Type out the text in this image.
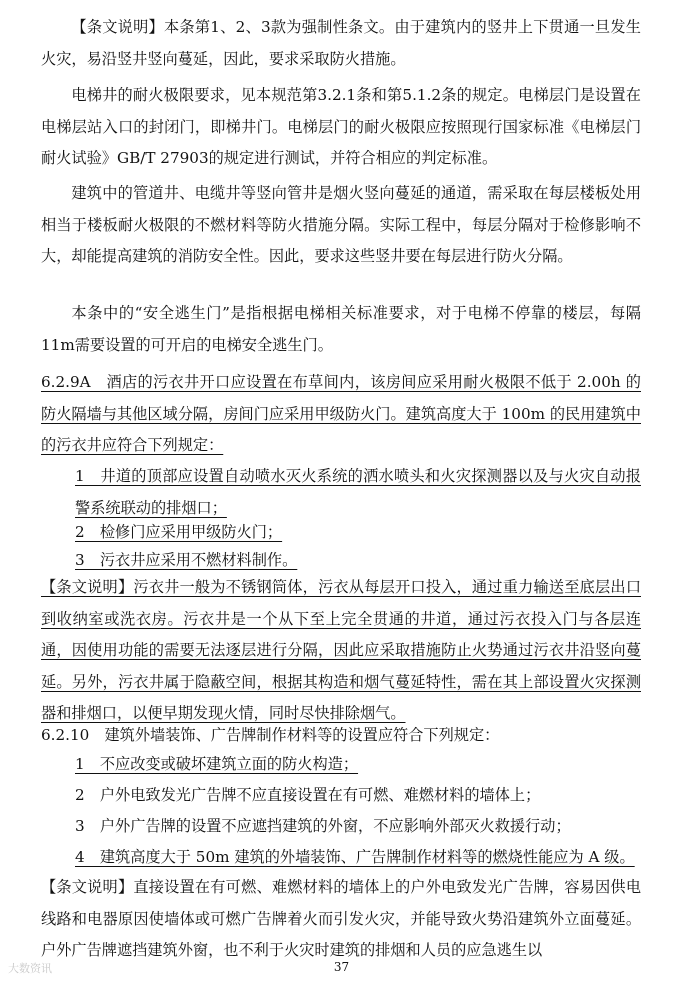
【条文说明】本条第1、2、3款为强制性条文。由于建筑内的竖井上下贯通一旦发生火灾，易沿竖井竖向蔓延，因此，要求采取防火措施。

电梯井的耐火极限要求，见本规范第3.2.1条和第5.1.2条的规定。电梯层门是设置在电梯层站入口的封闭门，即梯井门。电梯层门的耐火极限应按照现行国家标准《电梯层门耐火试验》GB/T 27903的规定进行测试，并符合相应的判定标准。

建筑中的管道井、电缆井等竖向管井是烟火竖向蔓延的通道，需采取在每层楼板处用相当于楼板耐火极限的不燃材料等防火措施分隔。实际工程中，每层分隔对于检修影响不大，却能提高建筑的消防安全性。因此，要求这些竖井要在每层进行防火分隔。

本条中的“安全逃生门”是指根据电梯相关标准要求，对于电梯不停靠的楼层，每隔11m需要设置的可开启的电梯安全逃生门。

6.2.9A　酒店的污衣井开口应设置在布草间内，该房间应采用耐火极限不低于 2.00h 的防火隔墙与其他区域分隔，房间门应采用甲级防火门。建筑高度大于 100m 的民用建筑中的污衣井应符合下列规定：

1　井道的顶部应设置自动喷水灭火系统的洒水喷头和火灾探测器以及与火灾自动报警系统联动的排烟口；

2　检修门应采用甲级防火门；

3　污衣井应采用不燃材料制作。

【条文说明】污衣井一般为不锈钢筒体，污衣从每层开口投入，通过重力输送至底层出口到收纳室或洗衣房。污衣井是一个从下至上完全贯通的井道，通过污衣投入门与各层连通，因使用功能的需要无法逐层进行分隔，因此应采取措施防止火势通过污衣井沿竖向蔓延。另外，污衣井属于隐蔽空间，根据其构造和烟气蔓延特性，需在其上部设置火灾探测器和排烟口，以便早期发现火情，同时尽快排除烟气。

6.2.10　建筑外墙装饰、广告牌制作材料等的设置应符合下列规定：

1　不应改变或破坏建筑立面的防火构造；

2　户外电致发光广告牌不应直接设置在有可燃、难燃材料的墙体上；

3　户外广告牌的设置不应遮挡建筑的外窗，不应影响外部灭火救援行动；

4　建筑高度大于 50m 建筑的外墙装饰、广告牌制作材料等的燃烧性能应为 A 级。

【条文说明】直接设置在有可燃、难燃材料的墙体上的户外电致发光广告牌，容易因供电线路和电器原因使墙体或可燃广告牌着火而引发火灾，并能导致火势沿建筑外立面蔓延。户外广告牌遮挡建筑外窗，也不利于火灾时建筑的排烟和人员的应急逃生以

大数资讯	37
